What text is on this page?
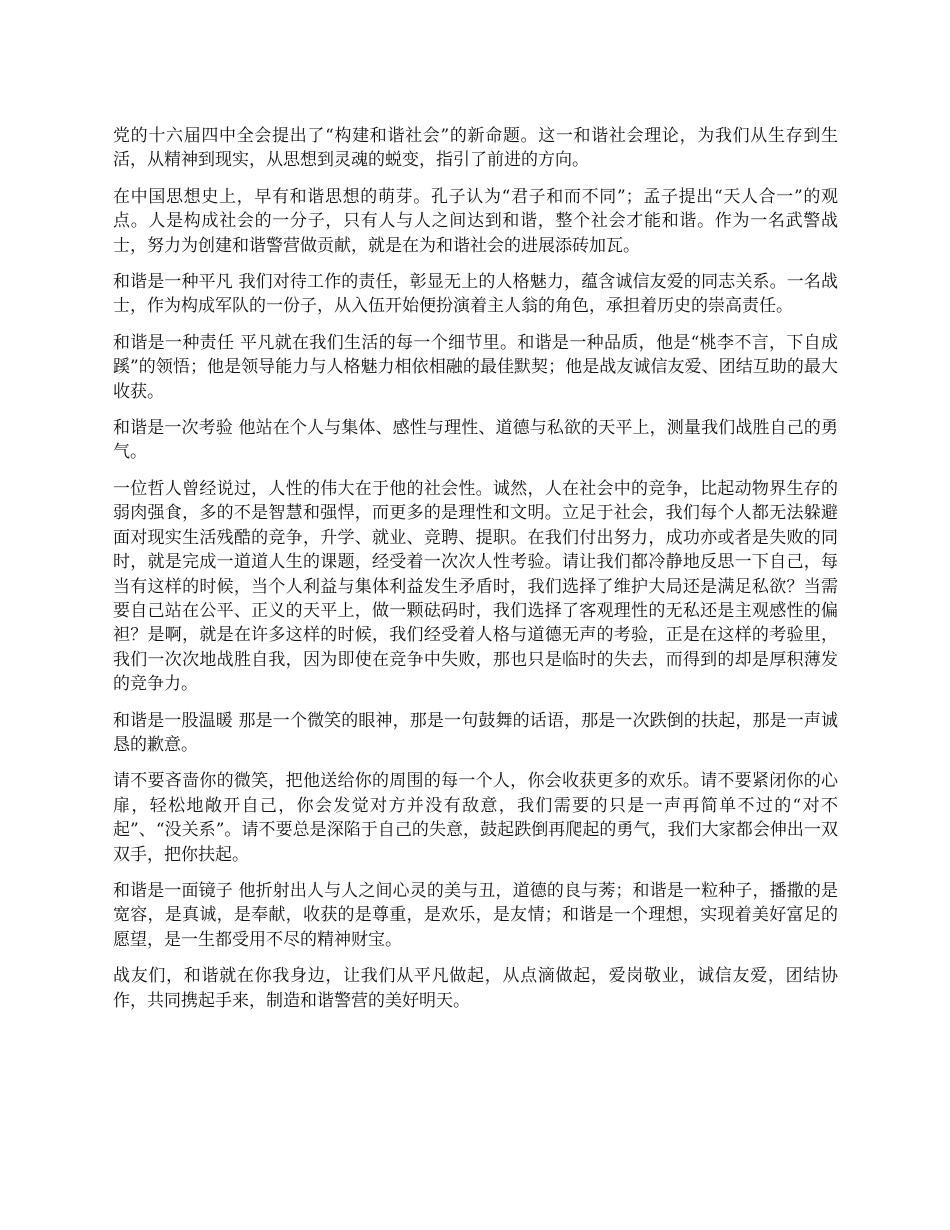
党的十六届四中全会提出了“构建和谐社会”的新命题。这一和谐社会理论，为我们从生存到生活，从精神到现实，从思想到灵魂的蜕变，指引了前进的方向。

在中国思想史上，早有和谐思想的萌芽。孔子认为“君子和而不同”；孟子提出“天人合一”的观点。人是构成社会的一分子，只有人与人之间达到和谐，整个社会才能和谐。作为一名武警战士，努力为创建和谐警营做贡献，就是在为和谐社会的进展添砖加瓦。

和谐是一种平凡 我们对待工作的责任，彰显无上的人格魅力，蕴含诚信友爱的同志关系。一名战士，作为构成军队的一份子，从入伍开始便扮演着主人翁的角色，承担着历史的崇高责任。

和谐是一种责任 平凡就在我们生活的每一个细节里。和谐是一种品质，他是“桃李不言，下自成蹊”的领悟；他是领导能力与人格魅力相依相融的最佳默契；他是战友诚信友爱、团结互助的最大收获。

和谐是一次考验 他站在个人与集体、感性与理性、道德与私欲的天平上，测量我们战胜自己的勇气。

一位哲人曾经说过，人性的伟大在于他的社会性。诚然，人在社会中的竞争，比起动物界生存的弱肉强食，多的不是智慧和强悍，而更多的是理性和文明。立足于社会，我们每个人都无法躲避面对现实生活残酷的竞争，升学、就业、竞聘、提职。在我们付出努力，成功亦或者是失败的同时，就是完成一道道人生的课题，经受着一次次人性考验。请让我们都冷静地反思一下自己，每当有这样的时候，当个人利益与集体利益发生矛盾时，我们选择了维护大局还是满足私欲？当需要自己站在公平、正义的天平上，做一颗砝码时，我们选择了客观理性的无私还是主观感性的偏袒？是啊，就是在许多这样的时候，我们经受着人格与道德无声的考验，正是在这样的考验里，我们一次次地战胜自我，因为即使在竞争中失败，那也只是临时的失去，而得到的却是厚积薄发的竞争力。

和谐是一股温暖 那是一个微笑的眼神，那是一句鼓舞的话语，那是一次跌倒的扶起，那是一声诚恳的歉意。

请不要吝啬你的微笑，把他送给你的周围的每一个人，你会收获更多的欢乐。请不要紧闭你的心扉，轻松地敞开自己，你会发觉对方并没有敌意，我们需要的只是一声再简单不过的“对不起”、“没关系”。请不要总是深陷于自己的失意，鼓起跌倒再爬起的勇气，我们大家都会伸出一双双手，把你扶起。

和谐是一面镜子 他折射出人与人之间心灵的美与丑，道德的良与莠；和谐是一粒种子，播撒的是宽容，是真诚，是奉献，收获的是尊重，是欢乐，是友情；和谐是一个理想，实现着美好富足的愿望，是一生都受用不尽的精神财宝。

战友们，和谐就在你我身边，让我们从平凡做起，从点滴做起，爱岗敬业，诚信友爱，团结协作，共同携起手来，制造和谐警营的美好明天。
